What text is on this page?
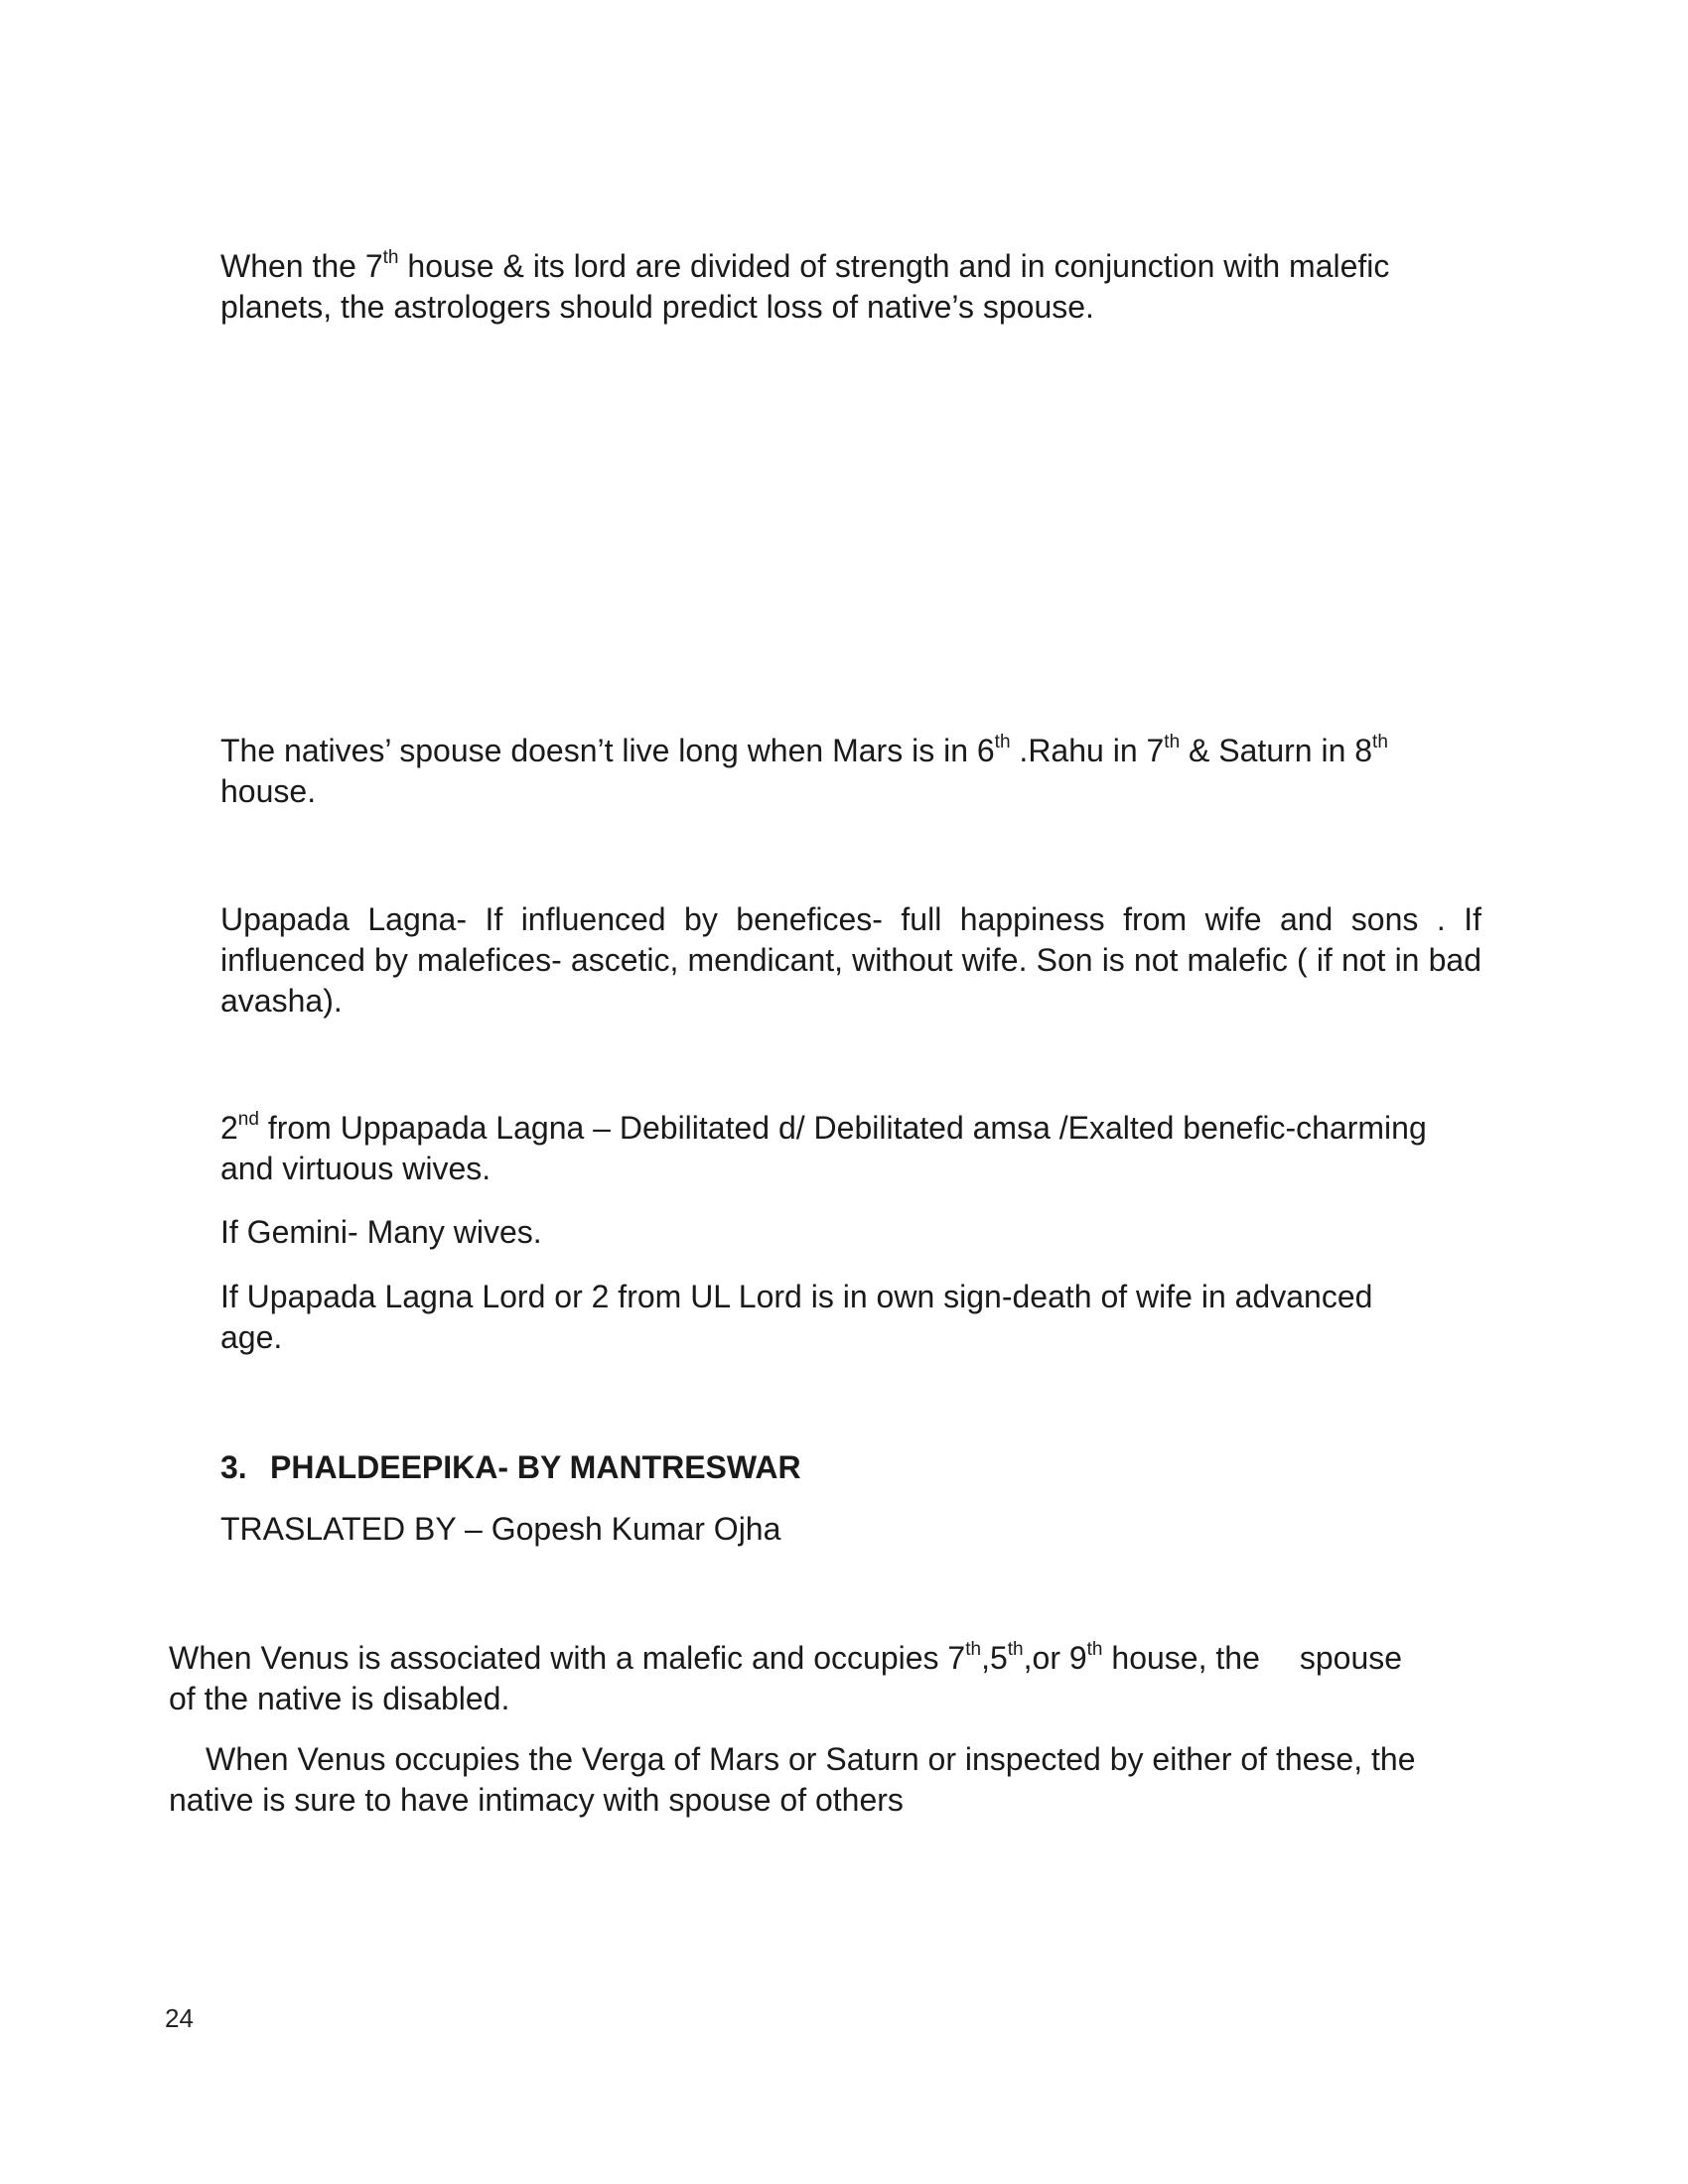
When the 7th house & its lord are divided of strength and in conjunction with malefic
planets, the astrologers should predict loss of native’s spouse.
The natives’ spouse doesn’t live long when Mars is in 6th .Rahu in 7th & Saturn in 8th
house.

Upapada Lagna- If influenced by benefices- full happiness from wife and sons . If influenced by malefices- ascetic, mendicant, without wife. Son is not malefic ( if not in bad avasha).

2nd from Uppapada Lagna – Debilitated d/ Debilitated amsa /Exalted benefic-charming
and virtuous wives.

If Gemini- Many wives.

If Upapada Lagna Lord or 2 from UL Lord is in own sign-death of wife in advanced
age.
3. PHALDEEPIKA- BY MANTRESWAR
TRASLATED BY – Gopesh Kumar Ojha
When Venus is associated with a malefic and occupies 7th,5th,or 9th house, the spouse
of the native is disabled.
When Venus occupies the Verga of Mars or Saturn or inspected by either of these, the
native is sure to have intimacy with spouse of others
24
